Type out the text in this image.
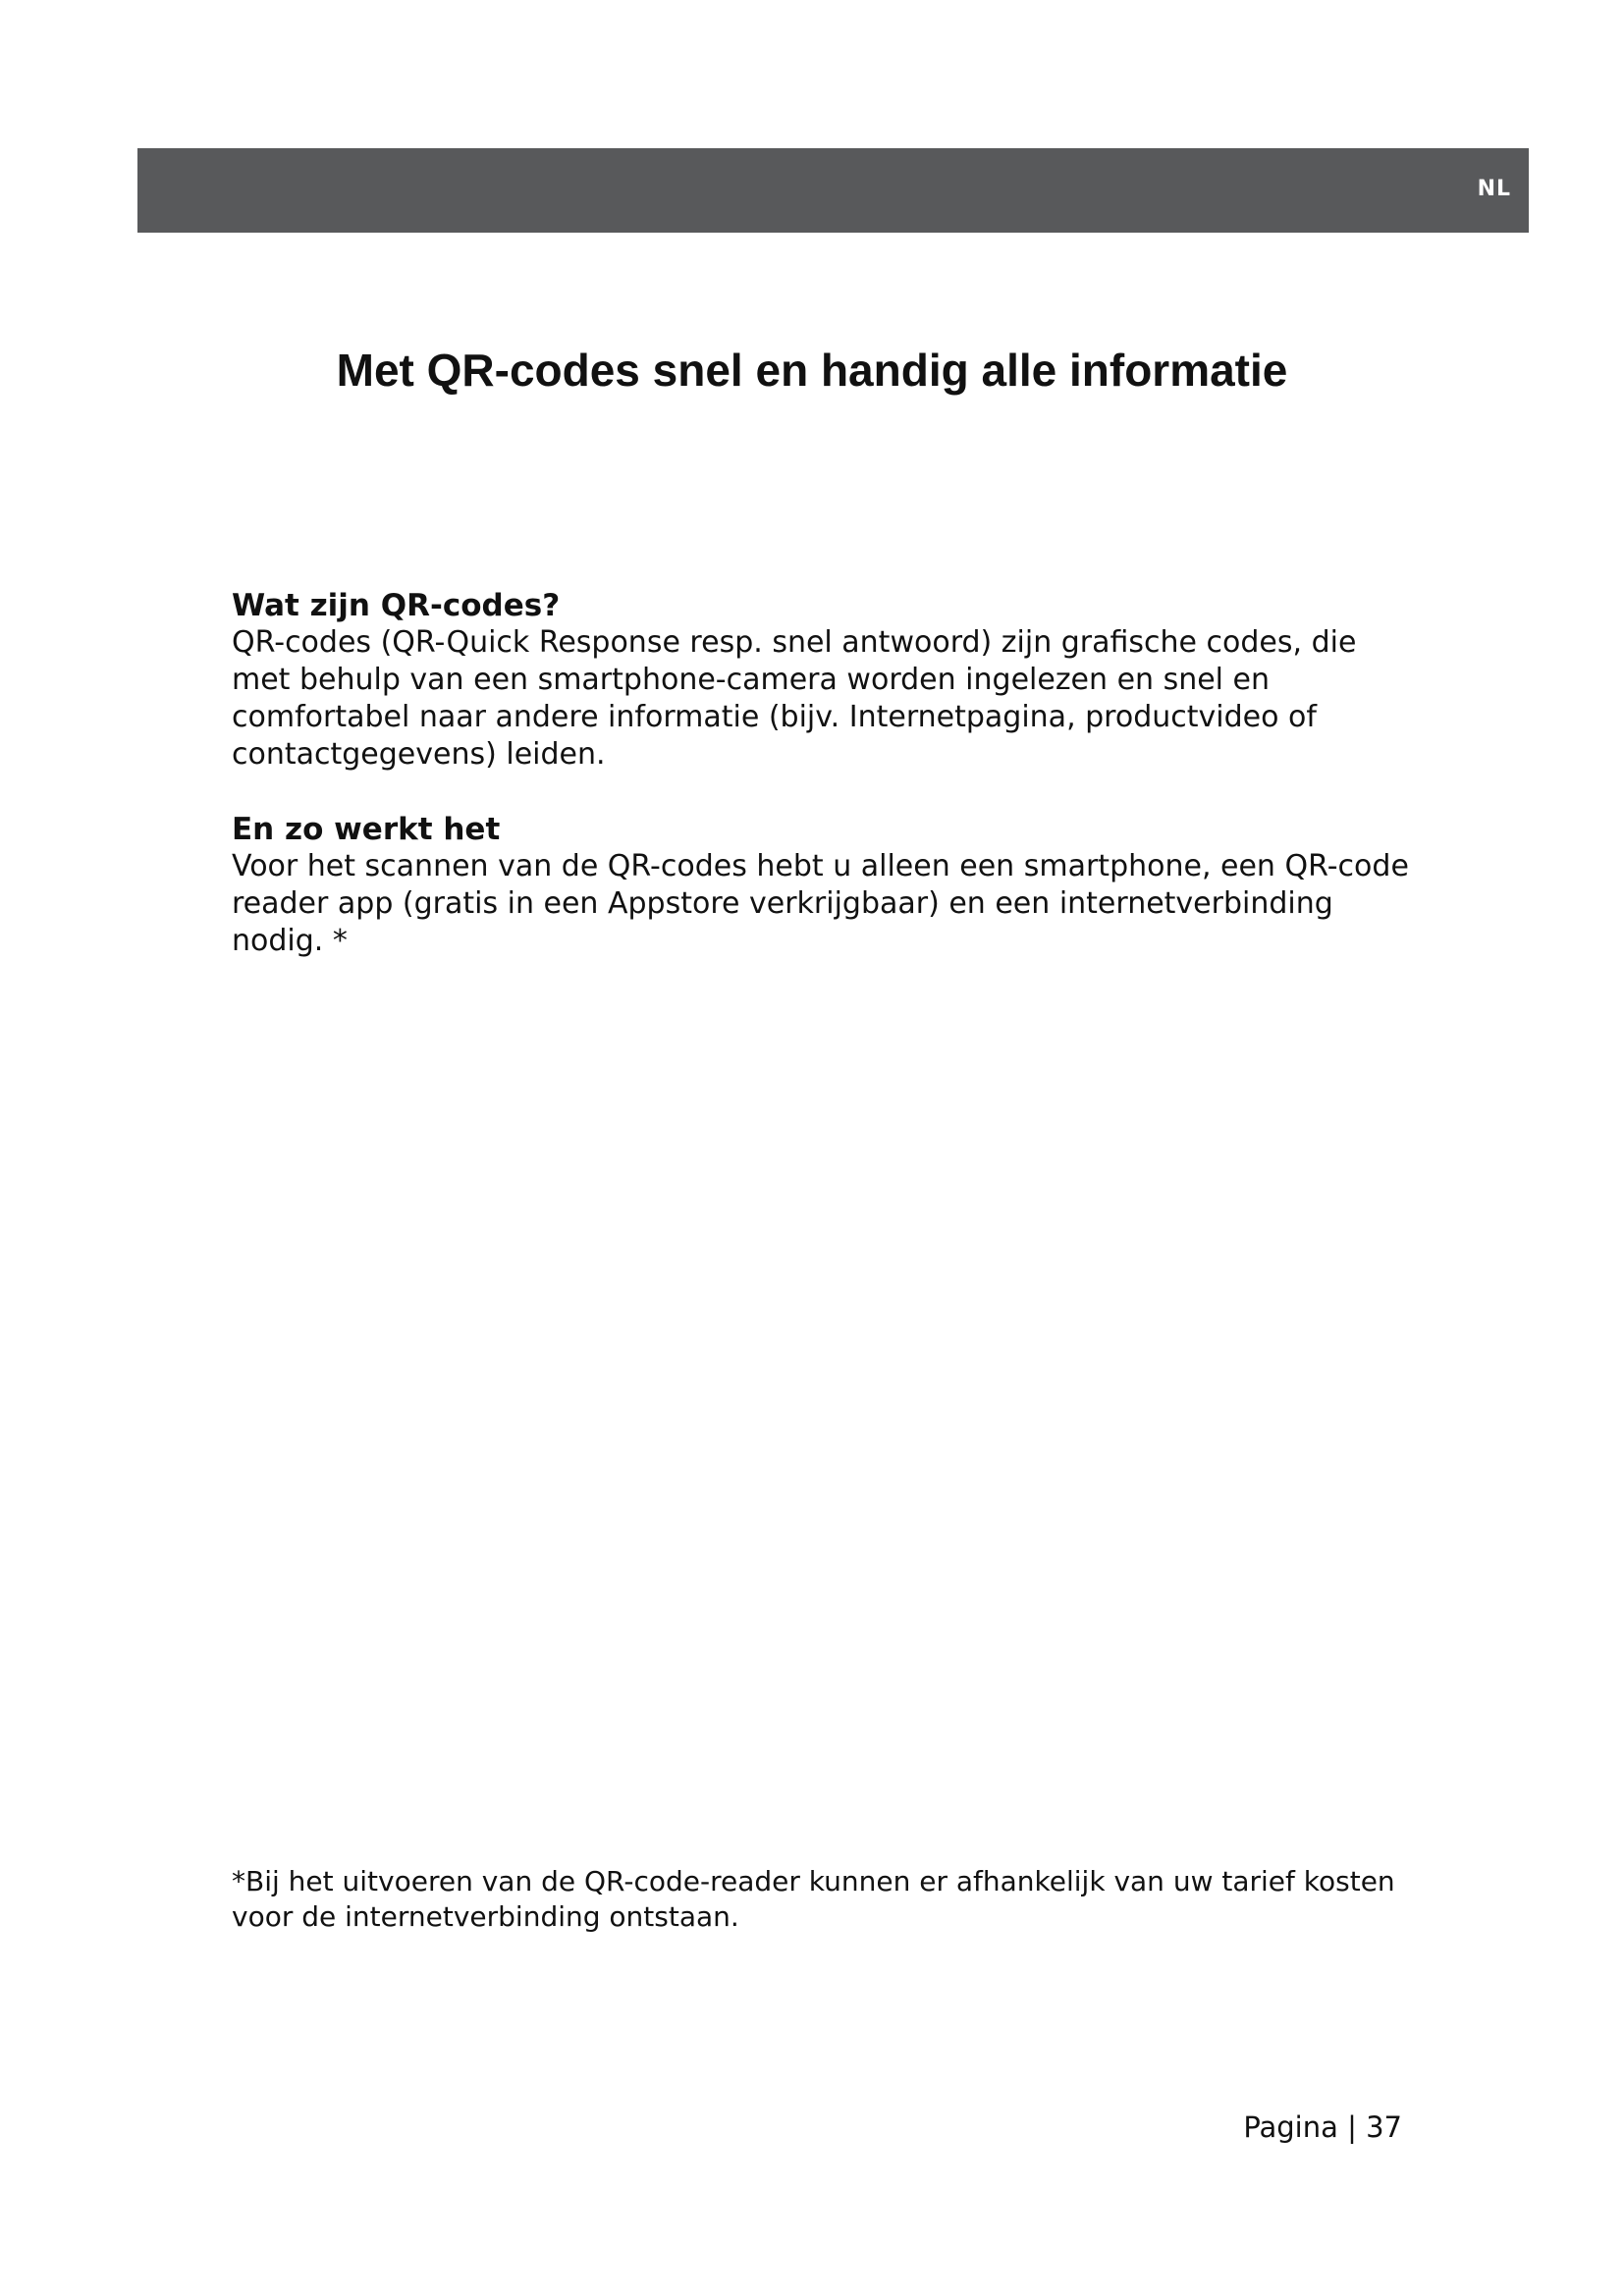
NL
Met QR-codes snel en handig alle informatie
Wat zijn QR-codes?

QR-codes (QR-Quick Response resp. snel antwoord) zijn grafische codes, die met behulp van een smartphone-camera worden ingelezen en snel en comfortabel naar andere informatie (bijv. Internetpagina, productvideo of contactgegevens) leiden.

En zo werkt het

Voor het scannen van de QR-codes hebt u alleen een smartphone, een QR-code reader app (gratis in een Appstore verkrijgbaar) en een internetverbinding nodig. *

*Bij het uitvoeren van de QR-code-reader kunnen er afhankelijk van uw tarief kosten voor de internetverbinding ontstaan.

Pagina | 37
